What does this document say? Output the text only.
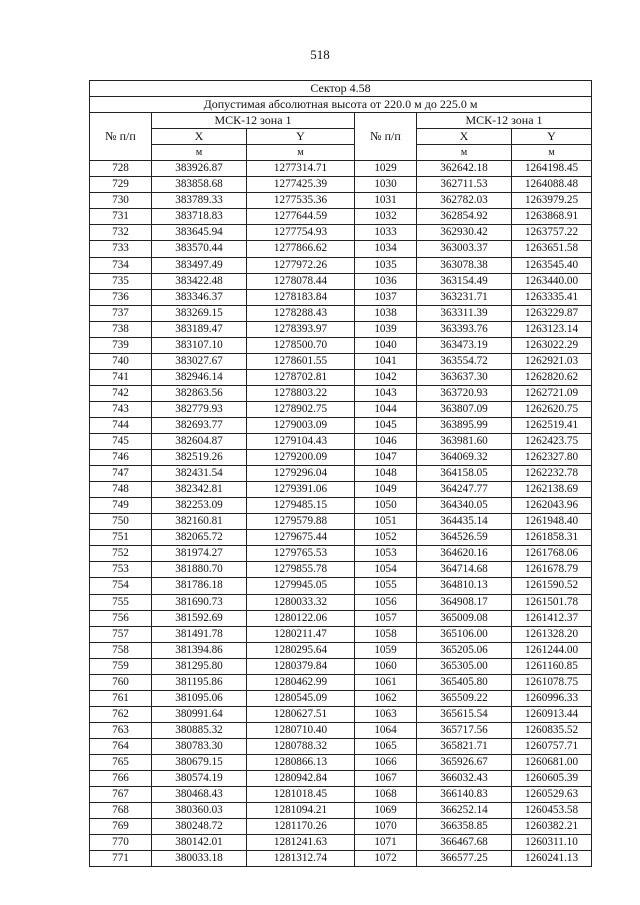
518
Сектор 4.58					
Допустимая абсолютная высота от 220.0 м до 225.0 м					
№ п/п	МСК-12 зона 1		№ п/п	МСК-12 зона 1	
	X	Y		X	Y
	м	м		м	м
728	383926.87	1277314.71	1029	362642.18	1264198.45
729	383858.68	1277425.39	1030	362711.53	1264088.48
730	383789.33	1277535.36	1031	362782.03	1263979.25
731	383718.83	1277644.59	1032	362854.92	1263868.91
732	383645.94	1277754.93	1033	362930.42	1263757.22
733	383570.44	1277866.62	1034	363003.37	1263651.58
734	383497.49	1277972.26	1035	363078.38	1263545.40
735	383422.48	1278078.44	1036	363154.49	1263440.00
736	383346.37	1278183.84	1037	363231.71	1263335.41
737	383269.15	1278288.43	1038	363311.39	1263229.87
738	383189.47	1278393.97	1039	363393.76	1263123.14
739	383107.10	1278500.70	1040	363473.19	1263022.29
740	383027.67	1278601.55	1041	363554.72	1262921.03
741	382946.14	1278702.81	1042	363637.30	1262820.62
742	382863.56	1278803.22	1043	363720.93	1262721.09
743	382779.93	1278902.75	1044	363807.09	1262620.75
744	382693.77	1279003.09	1045	363895.99	1262519.41
745	382604.87	1279104.43	1046	363981.60	1262423.75
746	382519.26	1279200.09	1047	364069.32	1262327.80
747	382431.54	1279296.04	1048	364158.05	1262232.78
748	382342.81	1279391.06	1049	364247.77	1262138.69
749	382253.09	1279485.15	1050	364340.05	1262043.96
750	382160.81	1279579.88	1051	364435.14	1261948.40
751	382065.72	1279675.44	1052	364526.59	1261858.31
752	381974.27	1279765.53	1053	364620.16	1261768.06
753	381880.70	1279855.78	1054	364714.68	1261678.79
754	381786.18	1279945.05	1055	364810.13	1261590.52
755	381690.73	1280033.32	1056	364908.17	1261501.78
756	381592.69	1280122.06	1057	365009.08	1261412.37
757	381491.78	1280211.47	1058	365106.00	1261328.20
758	381394.86	1280295.64	1059	365205.06	1261244.00
759	381295.80	1280379.84	1060	365305.00	1261160.85
760	381195.86	1280462.99	1061	365405.80	1261078.75
761	381095.06	1280545.09	1062	365509.22	1260996.33
762	380991.64	1280627.51	1063	365615.54	1260913.44
763	380885.32	1280710.40	1064	365717.56	1260835.52
764	380783.30	1280788.32	1065	365821.71	1260757.71
765	380679.15	1280866.13	1066	365926.67	1260681.00
766	380574.19	1280942.84	1067	366032.43	1260605.39
767	380468.43	1281018.45	1068	366140.83	1260529.63
768	380360.03	1281094.21	1069	366252.14	1260453.58
769	380248.72	1281170.26	1070	366358.85	1260382.21
770	380142.01	1281241.63	1071	366467.68	1260311.10
771	380033.18	1281312.74	1072	366577.25	1260241.13
